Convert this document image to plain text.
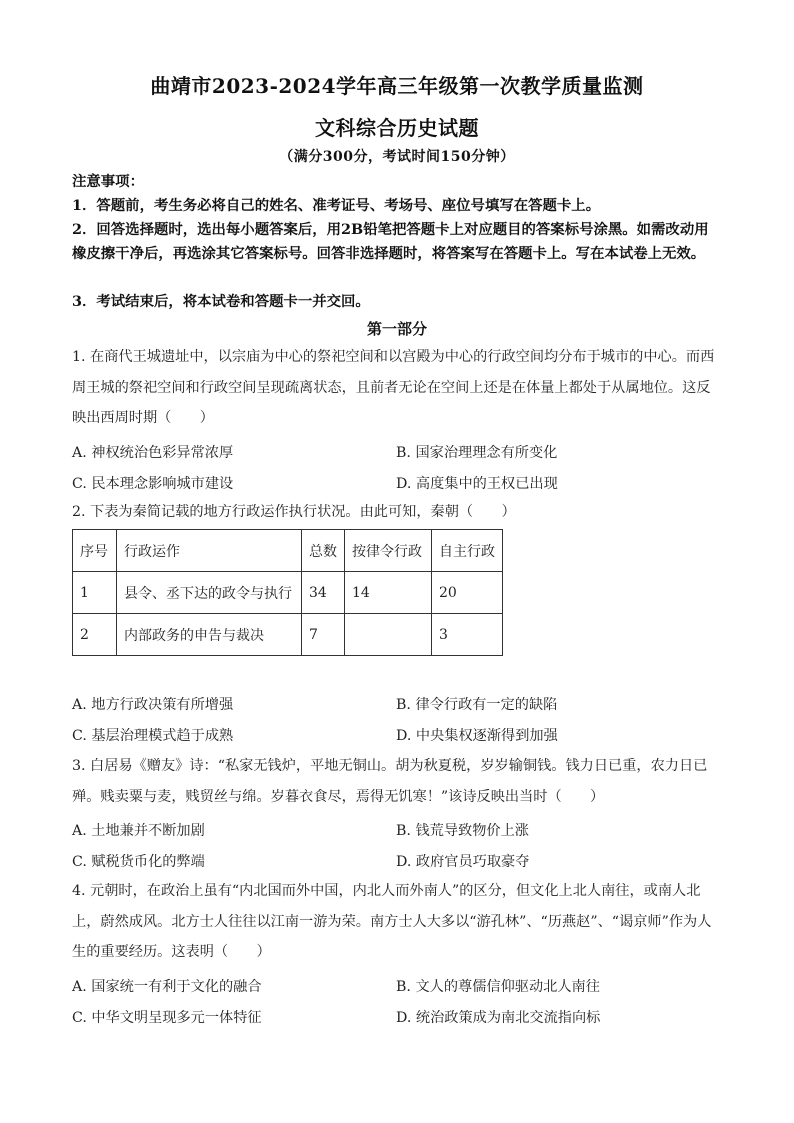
曲靖市2023-2024学年高三年级第一次教学质量监测
文科综合历史试题
（满分300分，考试时间150分钟）
注意事项：
1．答题前，考生务必将自己的姓名、准考证号、考场号、座位号填写在答题卡上。
2．回答选择题时，选出每小题答案后，用2B铅笔把答题卡上对应题目的答案标号涂黑。如需改动用橡皮擦干净后，再选涂其它答案标号。回答非选择题时，将答案写在答题卡上。写在本试卷上无效。
3．考试结束后，将本试卷和答题卡一并交回。
第一部分
1. 在商代王城遗址中，以宗庙为中心的祭祀空间和以宫殿为中心的行政空间均分布于城市的中心。而西周王城的祭祀空间和行政空间呈现疏离状态，且前者无论在空间上还是在体量上都处于从属地位。这反映出西周时期（　　）
A. 神权统治色彩异常浓厚	B. 国家治理理念有所变化
C. 民本理念影响城市建设	D. 高度集中的王权已出现
2. 下表为秦简记载的地方行政运作执行状况。由此可知，秦朝（　　）
序号	行政运作	总数	按律令行政	自主行政
1	县令、丞下达的政令与执行	34	14	20
2	内部政务的申告与裁决	7		3
A. 地方行政决策有所增强	B. 律令行政有一定的缺陷
C. 基层治理模式趋于成熟	D. 中央集权逐渐得到加强
3. 白居易《赠友》诗：“私家无钱炉，平地无铜山。胡为秋夏税，岁岁输铜钱。钱力日已重，农力日已殚。贱卖粟与麦，贱贸丝与绵。岁暮衣食尽，焉得无饥寒！”该诗反映出当时（　　）
A. 土地兼并不断加剧	B. 钱荒导致物价上涨
C. 赋税货币化的弊端	D. 政府官员巧取豪夺
4. 元朝时，在政治上虽有“内北国而外中国，内北人而外南人”的区分，但文化上北人南往，或南人北上，蔚然成风。北方士人往往以江南一游为荣。南方士人大多以“游孔林”、“历燕赵”、“谒京师”作为人生的重要经历。这表明（　　）
A. 国家统一有利于文化的融合	B. 文人的尊儒信仰驱动北人南往
C. 中华文明呈现多元一体特征	D. 统治政策成为南北交流指向标
